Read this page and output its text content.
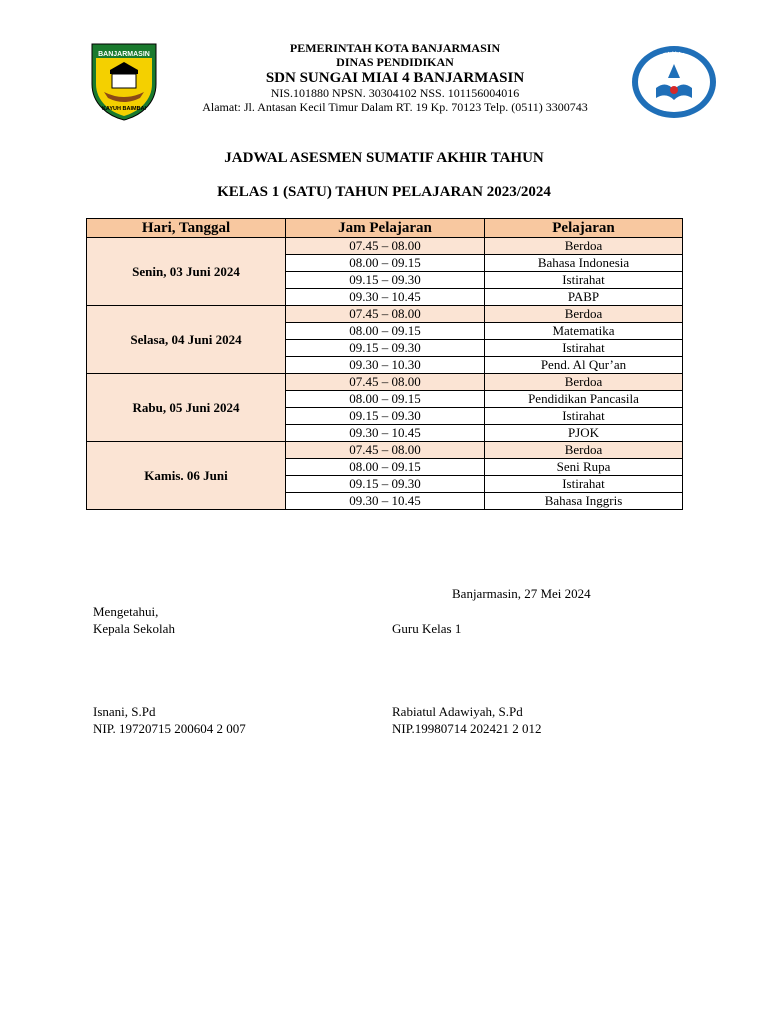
BANJARMASIN
KAYUH BAIMBAI
PEMERINTAH KOTA BANJARMASIN
DINAS PENDIDIKAN
SDN SUNGAI MIAI 4 BANJARMASIN
NIS.101880 NPSN. 30304102 NSS. 101156004016
Alamat: Jl. Antasan Kecil Timur Dalam RT. 19 Kp. 70123 Telp. (0511) 3300743
TUT WURI HANDAYANI
JADWAL ASESMEN SUMATIF AKHIR TAHUN
KELAS 1 (SATU) TAHUN PELAJARAN 2023/2024
Hari, Tanggal	Jam Pelajaran	Pelajaran
Senin, 03 Juni 2024	07.45 – 08.00	Berdoa
	08.00 – 09.15	Bahasa Indonesia
	09.15 – 09.30	Istirahat
	09.30 – 10.45	PABP
Selasa, 04 Juni 2024	07.45 – 08.00	Berdoa
	08.00 – 09.15	Matematika
	09.15 – 09.30	Istirahat
	09.30 – 10.30	Pend. Al Qur’an
Rabu, 05 Juni 2024	07.45 – 08.00	Berdoa
	08.00 – 09.15	Pendidikan Pancasila
	09.15 – 09.30	Istirahat
	09.30 – 10.45	PJOK
Kamis. 06 Juni	07.45 – 08.00	Berdoa
	08.00 – 09.15	Seni Rupa
	09.15 – 09.30	Istirahat
	09.30 – 10.45	Bahasa Inggris
Banjarmasin, 27 Mei 2024
Mengetahui,
Kepala Sekolah	Guru Kelas 1
Isnani, S.Pd
NIP. 19720715 200604 2 007
Rabiatul Adawiyah, S.Pd
NIP.19980714 202421 2 012
